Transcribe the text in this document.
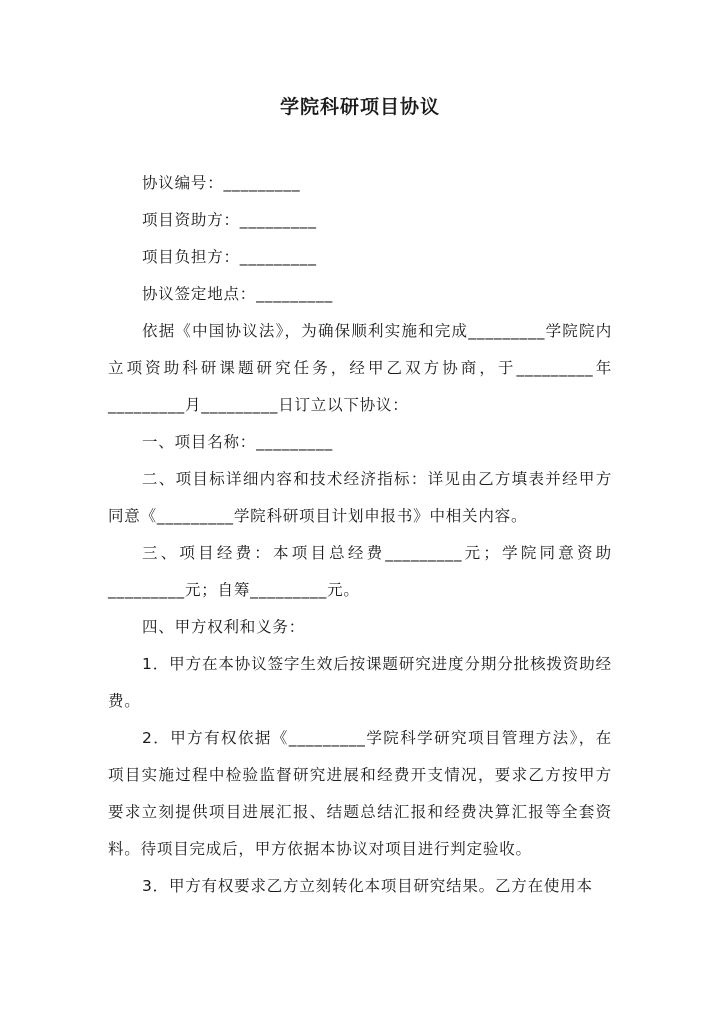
学院科研项目协议

协议编号：_________

项目资助方：_________

项目负担方：_________

协议签定地点：_________

依据《中国协议法》，为确保顺利实施和完成_________学院院内立项资助科研课题研究任务，经甲乙双方协商，于_________年_________月_________日订立以下协议：

一、项目名称：_________

二、项目标详细内容和技术经济指标：详见由乙方填表并经甲方同意《_________学院科研项目计划申报书》中相关内容。

三、项目经费：本项目总经费_________元；学院同意资助_________元；自筹_________元。

四、甲方权利和义务：

1．甲方在本协议签字生效后按课题研究进度分期分批核拨资助经费。

2．甲方有权依据《_________学院科学研究项目管理方法》，在项目实施过程中检验监督研究进展和经费开支情况，要求乙方按甲方要求立刻提供项目进展汇报、结题总结汇报和经费决算汇报等全套资料。待项目完成后，甲方依据本协议对项目进行判定验收。

3．甲方有权要求乙方立刻转化本项目研究结果。乙方在使用本
